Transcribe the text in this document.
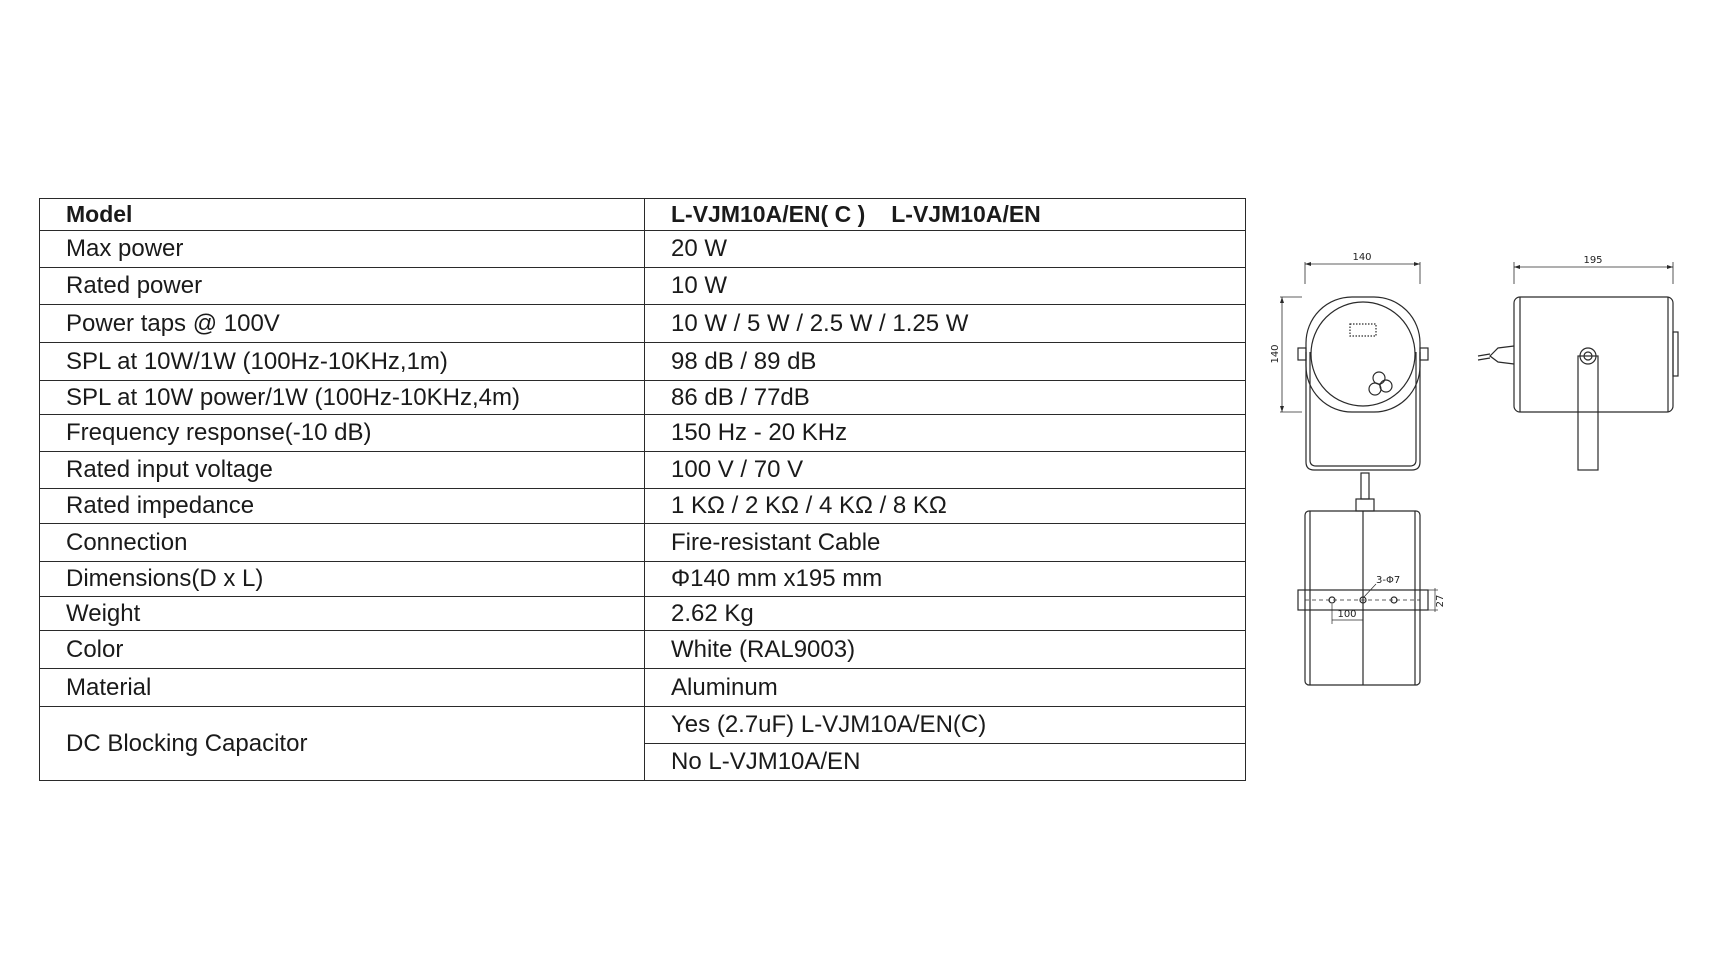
Model	L-VJM10A/EN( C ) L-VJM10A/EN
Max power	20 W
Rated power	10 W
Power taps @ 100V	10 W / 5 W / 2.5 W / 1.25 W
SPL at 10W/1W (100Hz-10KHz,1m)	98 dB / 89 dB
SPL at 10W power/1W (100Hz-10KHz,4m)	86 dB / 77dB
Frequency response(-10 dB)	150 Hz - 20 KHz
Rated input voltage	100 V / 70 V
Rated impedance	1 KΩ / 2 KΩ / 4 KΩ / 8 KΩ
Connection	Fire-resistant Cable
Dimensions(D x L)	Φ140 mm x195 mm
Weight	2.62 Kg
Color	White (RAL9003)
Material	Aluminum
DC Blocking Capacitor	Yes (2.7uF) L-VJM10A/EN(C)
	No L-VJM10A/EN
140
140
195
3-Φ7
100
27
